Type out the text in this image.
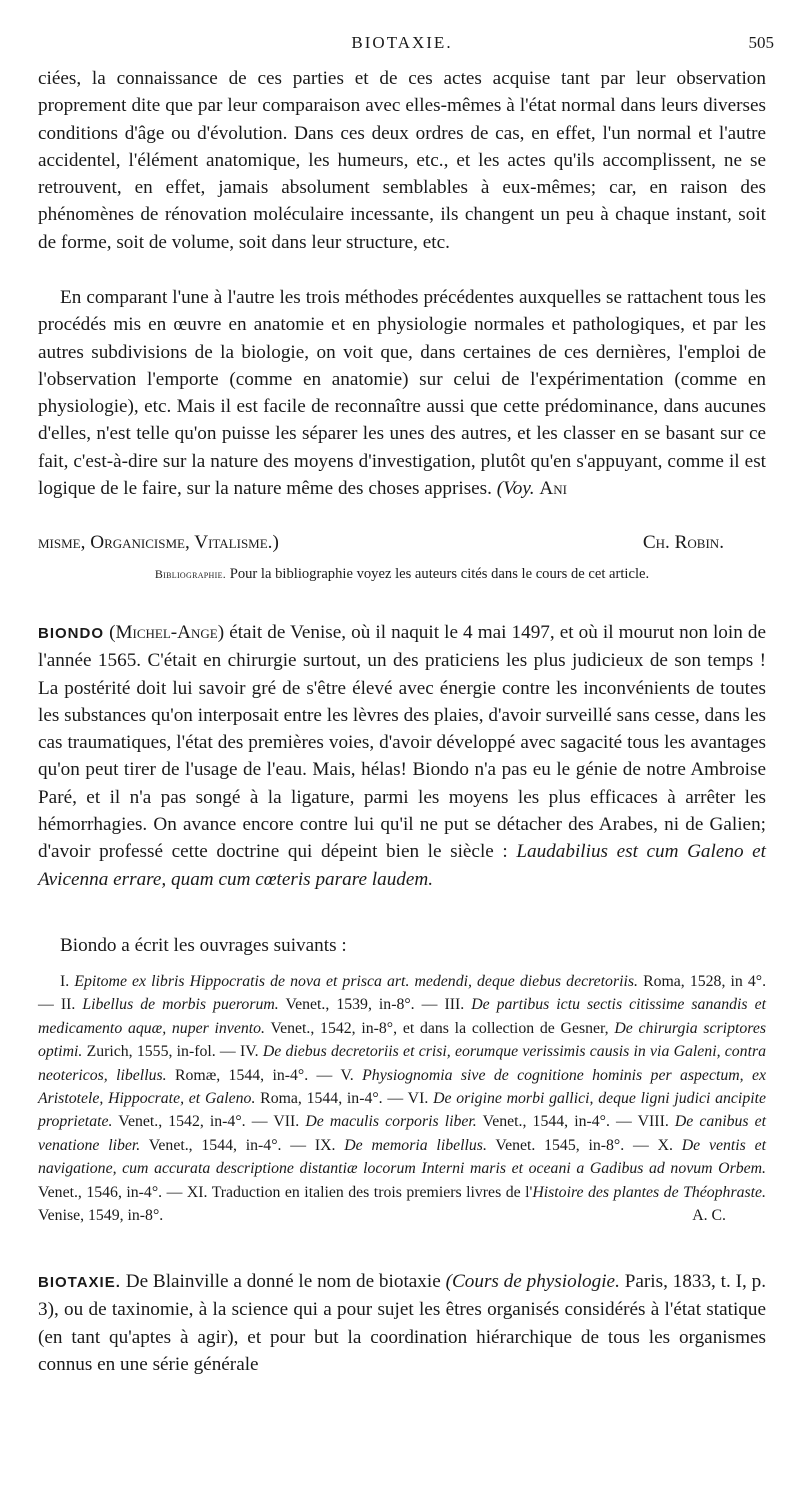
BIOTAXIE.	505

ciées, la connaissance de ces parties et de ces actes acquise tant par leur observation proprement dite que par leur comparaison avec elles-mêmes à l'état normal dans leurs diverses conditions d'âge ou d'évolution. Dans ces deux ordres de cas, en effet, l'un normal et l'autre accidentel, l'élément anatomique, les humeurs, etc., et les actes qu'ils accomplissent, ne se retrouvent, en effet, jamais absolument semblables à eux-mêmes; car, en raison des phénomènes de rénovation moléculaire incessante, ils changent un peu à chaque instant, soit de forme, soit de volume, soit dans leur structure, etc.

En comparant l'une à l'autre les trois méthodes précédentes auxquelles se rattachent tous les procédés mis en œuvre en anatomie et en physiologie normales et pathologiques, et par les autres subdivisions de la biologie, on voit que, dans certaines de ces dernières, l'emploi de l'observation l'emporte (comme en anatomie) sur celui de l'expérimentation (comme en physiologie), etc. Mais il est facile de reconnaître aussi que cette prédominance, dans aucunes d'elles, n'est telle qu'on puisse les séparer les unes des autres, et les classer en se basant sur ce fait, c'est-à-dire sur la nature des moyens d'investigation, plutôt qu'en s'appuyant, comme il est logique de le faire, sur la nature même des choses apprises. (Voy. Ani

misme, Organicisme, Vitalisme.)	Ch. Robin.
Bibliographie. Pour la bibliographie voyez les auteurs cités dans le cours de cet article.

BIONDO (Michel-Ange) était de Venise, où il naquit le 4 mai 1497, et où il mourut non loin de l'année 1565. C'était en chirurgie surtout, un des praticiens les plus judicieux de son temps ! La postérité doit lui savoir gré de s'être élevé avec énergie contre les inconvénients de toutes les substances qu'on interposait entre les lèvres des plaies, d'avoir surveillé sans cesse, dans les cas traumatiques, l'état des premières voies, d'avoir développé avec sagacité tous les avantages qu'on peut tirer de l'usage de l'eau. Mais, hélas! Biondo n'a pas eu le génie de notre Ambroise Paré, et il n'a pas songé à la ligature, parmi les moyens les plus efficaces à arrêter les hémorrhagies. On avance encore contre lui qu'il ne put se détacher des Arabes, ni de Galien; d'avoir professé cette doctrine qui dépeint bien le siècle : Laudabilius est cum Galeno et Avicenna errare, quam cum cœteris parare laudem.

Biondo a écrit les ouvrages suivants :

I. Epitome ex libris Hippocratis de nova et prisca art. medendi, deque diebus decretoriis. Roma, 1528, in 4°. — II. Libellus de morbis puerorum. Venet., 1539, in-8°. — III. De partibus ictu sectis citissime sanandis et medicamento aquæ, nuper invento. Venet., 1542, in-8°, et dans la collection de Gesner, De chirurgia scriptores optimi. Zurich, 1555, in-fol. — IV. De diebus decretoriis et crisi, eorumque verissimis causis in via Galeni, contra neotericos, libellus. Romæ, 1544, in-4°. — V. Physiognomia sive de cognitione hominis per aspectum, ex Aristotele, Hippocrate, et Galeno. Roma, 1544, in-4°. — VI. De origine morbi gallici, deque ligni judici ancipite proprietate. Venet., 1542, in-4°. — VII. De maculis corporis liber. Venet., 1544, in-4°. — VIII. De canibus et venatione liber. Venet., 1544, in-4°. — IX. De memoria libellus. Venet. 1545, in-8°. — X. De ventis et navigatione, cum accurata descriptione distantiæ locorum Interni maris et oceani a Gadibus ad novum Orbem. Venet., 1546, in-4°. — XI. Traduction en italien des trois premiers livres de l'Histoire des plantes de Théophraste. Venise, 1549, in-8°.	A. C.

BIOTAXIE. De Blainville a donné le nom de biotaxie (Cours de physiologie. Paris, 1833, t. I, p. 3), ou de taxinomie, à la science qui a pour sujet les êtres organisés considérés à l'état statique (en tant qu'aptes à agir), et pour but la coordination hiérarchique de tous les organismes connus en une série générale
